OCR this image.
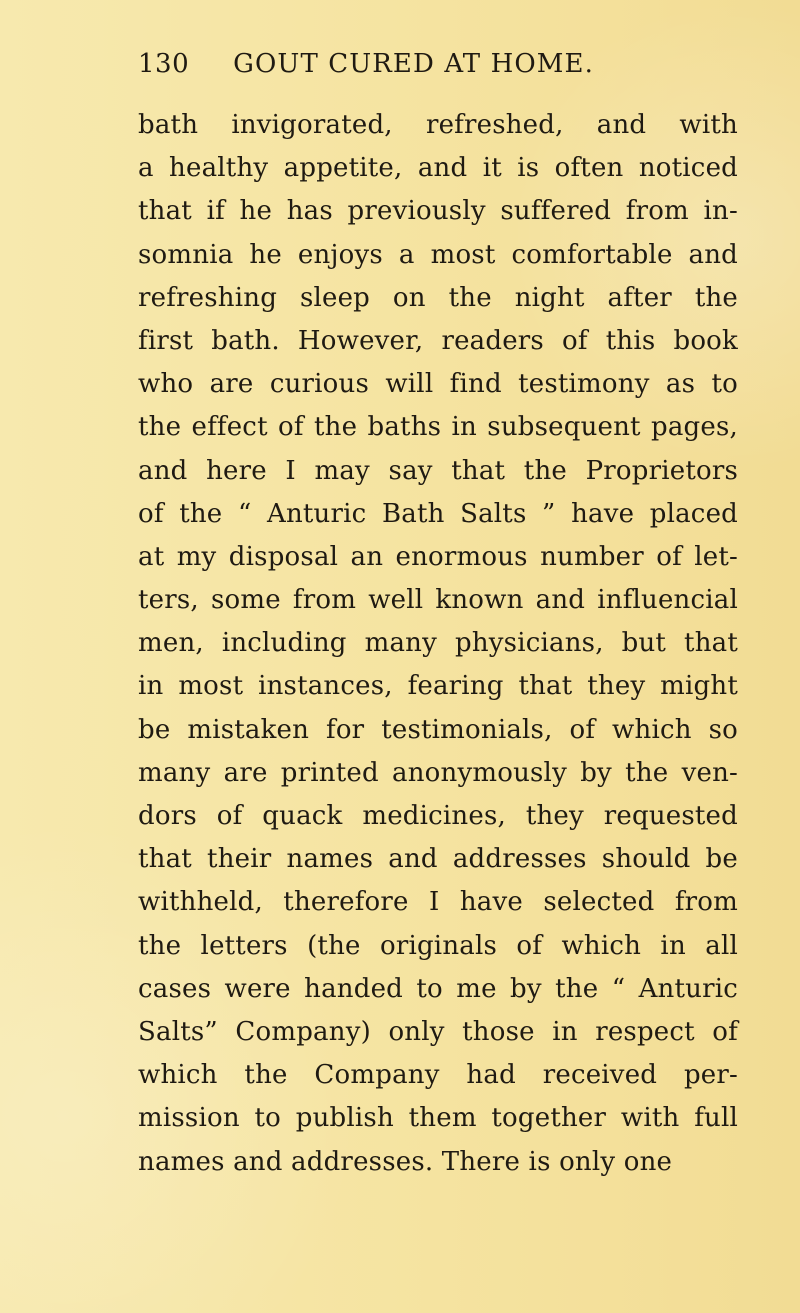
130 GOUT CURED AT HOME.
bath invigorated, refreshed, and with
a healthy appetite, and it is often noticed
that if he has previously suffered from in-
somnia he enjoys a most comfortable and
refreshing sleep on the night after the
first bath. However, readers of this book
who are curious will find testimony as to
the effect of the baths in subsequent pages,
and here I may say that the Proprietors
of the “ Anturic Bath Salts ” have placed
at my disposal an enormous number of let-
ters, some from well known and influencial
men, including many physicians, but that
in most instances, fearing that they might
be mistaken for testimonials, of which so
many are printed anonymously by the ven-
dors of quack medicines, they requested
that their names and addresses should be
withheld, therefore I have selected from
the letters (the originals of which in all
cases were handed to me by the “ Anturic
Salts” Company) only those in respect of
which the Company had received per-
mission to publish them together with full
names and addresses. There is only one
